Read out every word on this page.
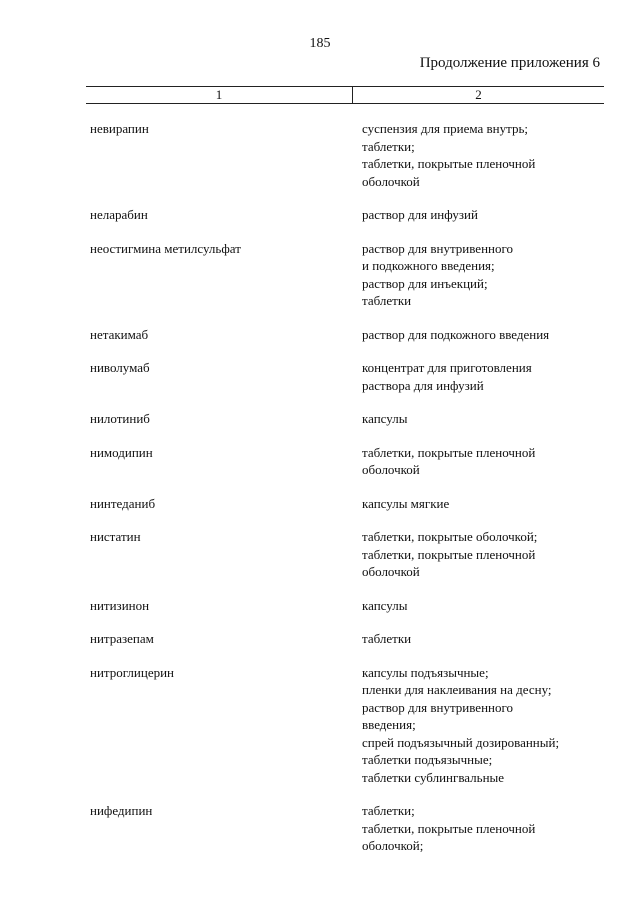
185
Продолжение приложения 6
1	2
невирапин	суспензия для приема внутрь;
таблетки;
таблетки, покрытые пленочной
оболочкой
неларабин	раствор для инфузий
неостигмина метилсульфат	раствор для внутривенного
и подкожного введения;
раствор для инъекций;
таблетки
нетакимаб	раствор для подкожного введения
ниволумаб	концентрат для приготовления
раствора для инфузий
нилотиниб	капсулы
нимодипин	таблетки, покрытые пленочной
оболочкой
нинтеданиб	капсулы мягкие
нистатин	таблетки, покрытые оболочкой;
таблетки, покрытые пленочной
оболочкой
нитизинон	капсулы
нитразепам	таблетки
нитроглицерин	капсулы подъязычные;
пленки для наклеивания на десну;
раствор для внутривенного
введения;
спрей подъязычный дозированный;
таблетки подъязычные;
таблетки сублингвальные
нифедипин	таблетки;
таблетки, покрытые пленочной
оболочкой;
